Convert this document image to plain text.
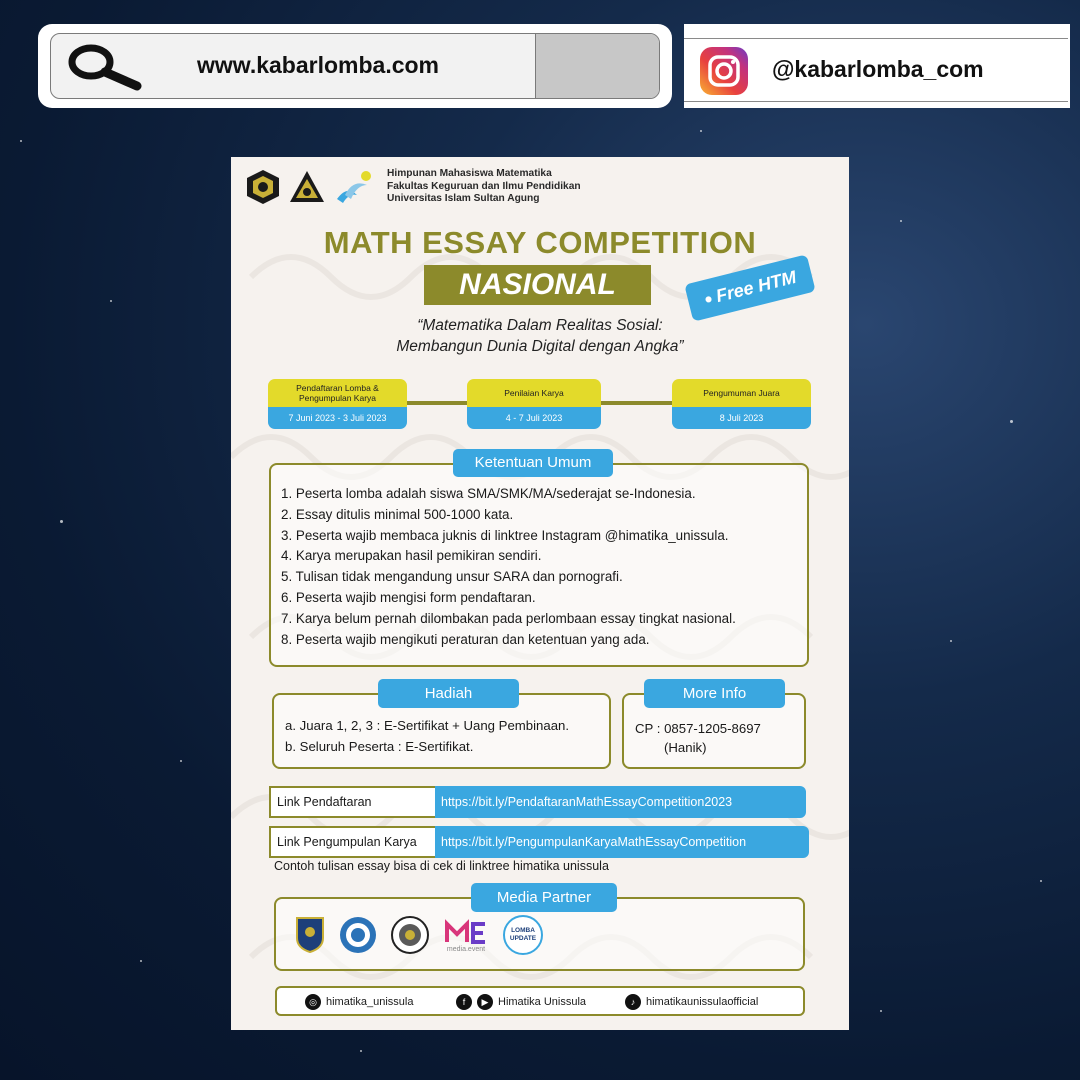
www.kabarlomba.com	@kabarlomba_com
Himpunan Mahasiswa Matematika
Fakultas Keguruan dan Ilmu Pendidikan
Universitas Islam Sultan Agung
MATH ESSAY COMPETITION
NASIONAL	● Free HTM
“Matematika Dalam Realitas Sosial:
Membangun Dunia Digital dengan Angka”
Pendaftaran Lomba & Pengumpulan Karya
7 Juni 2023 - 3 Juli 2023
Penilaian Karya
4 - 7 Juli 2023
Pengumuman Juara
8 Juli 2023
Ketentuan Umum
1. Peserta lomba adalah siswa SMA/SMK/MA/sederajat se-Indonesia.
2. Essay ditulis minimal 500-1000 kata.
3. Peserta wajib membaca juknis di linktree Instagram @himatika_unissula.
4. Karya merupakan hasil pemikiran sendiri.
5. Tulisan tidak mengandung unsur SARA dan pornografi.
6. Peserta wajib mengisi form pendaftaran.
7. Karya belum pernah dilombakan pada perlombaan essay tingkat nasional.
8. Peserta wajib mengikuti peraturan dan ketentuan yang ada.
Hadiah
a. Juara 1, 2, 3 : E-Sertifikat + Uang Pembinaan.
b. Seluruh Peserta : E-Sertifikat.
More Info
CP : 0857-1205-8697
(Hanik)
Link Pendaftaran	https://bit.ly/PendaftaranMathEssayCompetition2023
Link Pengumpulan Karya	https://bit.ly/PengumpulanKaryaMathEssayCompetition
Contoh tulisan essay bisa di cek di linktree himatika unissula
Media Partner
media.event
LOMBA UPDATE
◎ himatika_unissula	f	▶ Himatika Unissula	♪ himatikaunissulaofficial
